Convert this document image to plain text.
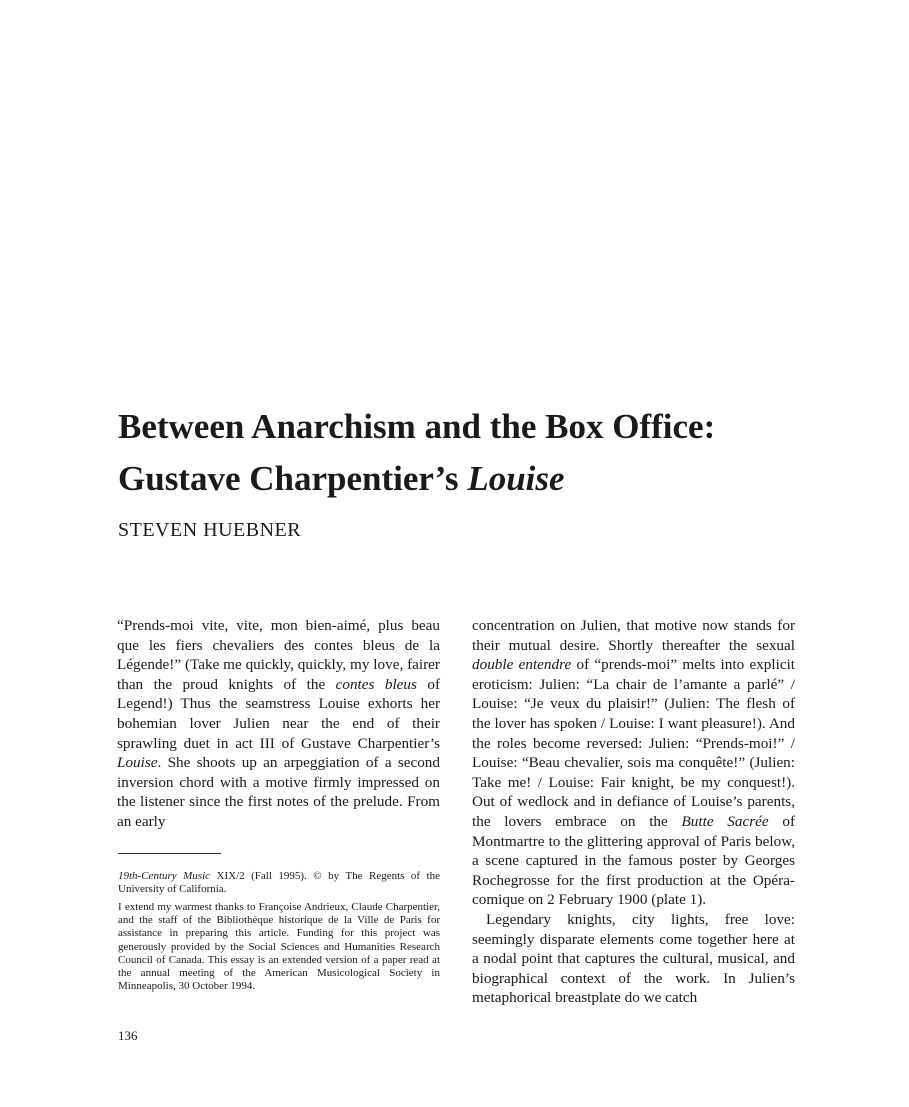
Between Anarchism and the Box Office:
Gustave Charpentier’s Louise

STEVEN HUEBNER

“Prends-moi vite, vite, mon bien-aimé, plus beau que les fiers chevaliers des contes bleus de la Légende!” (Take me quickly, quickly, my love, fairer than the proud knights of the contes bleus of Legend!) Thus the seamstress Louise exhorts her bohemian lover Julien near the end of their sprawling duet in act III of Gustave Charpentier’s Louise. She shoots up an arpeggiation of a second inversion chord with a motive firmly impressed on the listener since the first notes of the prelude. From an early

19th-Century Music XIX/2 (Fall 1995). © by The Regents of the University of California.

I extend my warmest thanks to Françoise Andrieux, Claude Charpentier, and the staff of the Bibliothèque historique de la Ville de Paris for assistance in preparing this article. Funding for this project was generously provided by the Social Sciences and Humanities Research Council of Canada. This essay is an extended version of a paper read at the annual meeting of the American Musicological Society in Minneapolis, 30 October 1994.

concentration on Julien, that motive now stands for their mutual desire. Shortly thereafter the sexual double entendre of “prends-moi” melts into explicit eroticism: Julien: “La chair de l’amante a parlé” / Louise: “Je veux du plaisir!” (Julien: The flesh of the lover has spoken / Louise: I want pleasure!). And the roles become reversed: Julien: “Prends-moi!” / Louise: “Beau chevalier, sois ma conquête!” (Julien: Take me! / Louise: Fair knight, be my conquest!). Out of wedlock and in defiance of Louise’s parents, the lovers embrace on the Butte Sacrée of Montmartre to the glittering approval of Paris below, a scene captured in the famous poster by Georges Rochegrosse for the first production at the Opéra-comique on 2 February 1900 (plate 1).

Legendary knights, city lights, free love: seemingly disparate elements come together here at a nodal point that captures the cultural, musical, and biographical context of the work. In Julien’s metaphorical breastplate do we catch

136
